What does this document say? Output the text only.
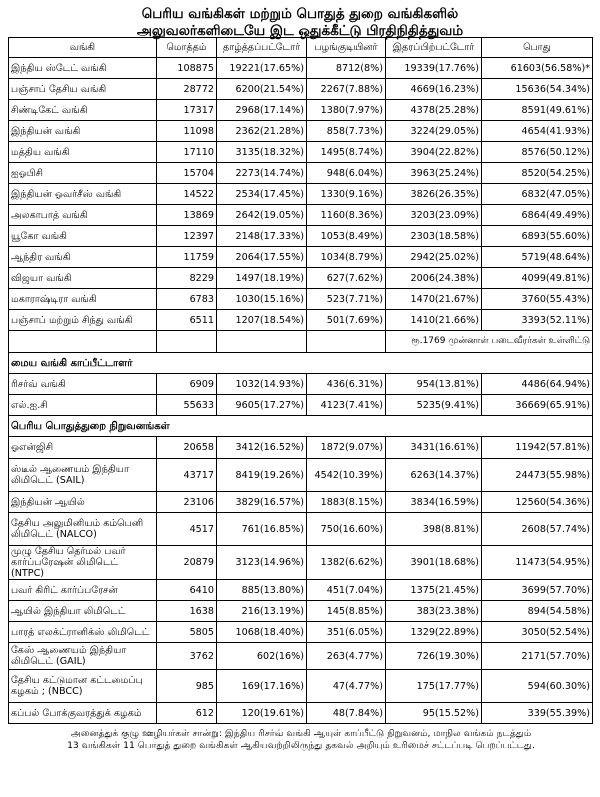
பெரிய வங்கிகள் மற்றும் பொதுத் துறை வங்கிகளில்
அலுவலர்களிடையே இட ஒதுக்கீட்டு பிரதிநிதித்துவம்
வங்கி	மொத்தம்	தாழ்த்தப்பட்டோர்	பழங்குடியினர்	இதரப்பிற்பட்டோர்	பொது
இந்திய ஸ்டேட் வங்கி	108875	19221(17.65%)	8712(8%)	19339(17.76%)	61603(56.58%)*
பஞ்சாப் தேசிய வங்கி	28772	6200(21.54%)	2267(7.88%)	4669(16.23%)	15636(54.34%)
சிண்டிகேட் வங்கி	17317	2968(17.14%)	1380(7.97%)	4378(25.28%)	8591(49.61%)
இந்தியன் வங்கி	11098	2362(21.28%)	858(7.73%)	3224(29.05%)	4654(41.93%)
மத்திய வங்கி	17110	3135(18.32%)	1495(8.74%)	3904(22.82%)	8576(50.12%)
ஐஓபிசி	15704	2273(14.74%)	948(6.04%)	3963(25.24%)	8520(54.25%)
இந்தியன் ஓவர்சீஸ் வங்கி	14522	2534(17.45%)	1330(9.16%)	3826(26.35%)	6832(47.05%)
அலகாபாத் வங்கி	13869	2642(19.05%)	1160(8.36%)	3203(23.09%)	6864(49.49%)
யூகோ வங்கி	12397	2148(17.33%)	1053(8.49%)	2303(18.58%)	6893(55.60%)
ஆந்திர வங்கி	11759	2064(17.55%)	1034(8.79%)	2942(25.02%)	5719(48.64%)
விஜயா வங்கி	8229	1497(18.19%)	627(7.62%)	2006(24.38%)	4099(49.81%)
மகாராஷ்டிரா வங்கி	6783	1030(15.16%)	523(7.71%)	1470(21.67%)	3760(55.43%)
பஞ்சாப் மற்றும் சிந்து வங்கி	6511	1207(18.54%)	501(7.69%)	1410(21.66%)	3393(52.11%)
				ரூ.1769 முன்னாள் படைவீரர்கள் உள்ளிட்டு	
மைய வங்கி காப்பீட்டாளர்					
ரிசர்வ் வங்கி	6909	1032(14.93%)	436(6.31%)	954(13.81%)	4486(64.94%)
எல்.ஐ.சி	55633	9605(17.27%)	4123(7.41%)	5235(9.41%)	36669(65.91%)
பெரிய பொதுத்துறை நிறுவனங்கள்					
ஓஎன்ஜிசி	20658	3412(16.52%)	1872(9.07%)	3431(16.61%)	11942(57.81%)
ஸ்டீல் ஆணையம் இந்தியா லிமிடெட் (SAIL)	43717	8419(19.26%)	4542(10.39%)	6263(14.37%)	24473(55.98%)
இந்தியன் ஆயில்	23106	3829(16.57%)	1883(8.15%)	3834(16.59%)	12560(54.36%)
தேசிய அலுமினியம் கம்பெனி லிமிடெட் (NALCO)	4517	761(16.85%)	750(16.60%)	398(8.81%)	2608(57.74%)
முழு தேசிய தெர்மல் பவர் கார்ப்பரேஷன் லிமிடெட் (NTPC)	20879	3123(14.96%)	1382(6.62%)	3901(18.68%)	11473(54.95%)
பவர் கிரிட் கார்ப்பரேசன்	6410	885(13.80%)	451(7.04%)	1375(21.45%)	3699(57.70%)
ஆயில் இந்தியா லிமிடெட்	1638	216(13.19%)	145(8.85%)	383(23.38%)	894(54.58%)
பாரத் எலக்ட்ரானிக்ஸ் லிமிடெட்	5805	1068(18.40%)	351(6.05%)	1329(22.89%)	3050(52.54%)
கேஸ் ஆணையம் இந்தியா லிமிடெட் (GAIL)	3762	602(16%)	263(4.77%)	726(19.30%)	2171(57.70%)
தேசிய கட்டுமான கட்டமைப்பு கழகம் ; (NBCC)	985	169(17.16%)	47(4.77%)	175(17.77%)	594(60.30%)
கப்பல் போக்குவரத்துக் கழகம்	612	120(19.61%)	48(7.84%)	95(15.52%)	339(55.39%)
அனைத்துக் குழு ஊழியர்கள் சான்று: இந்திய ரிசர்வ் வங்கி ஆயுள் காப்பீட்டு நிறுவனம், மாநில வங்கம் நடத்தும்
13 வங்கிகள் 11 பொதுத் துறை வங்கிகள் ஆகியவற்றிலிருந்து தகவல் அறியும் உரிமைச் சட்டப்படி பெறப்பட்டது.
